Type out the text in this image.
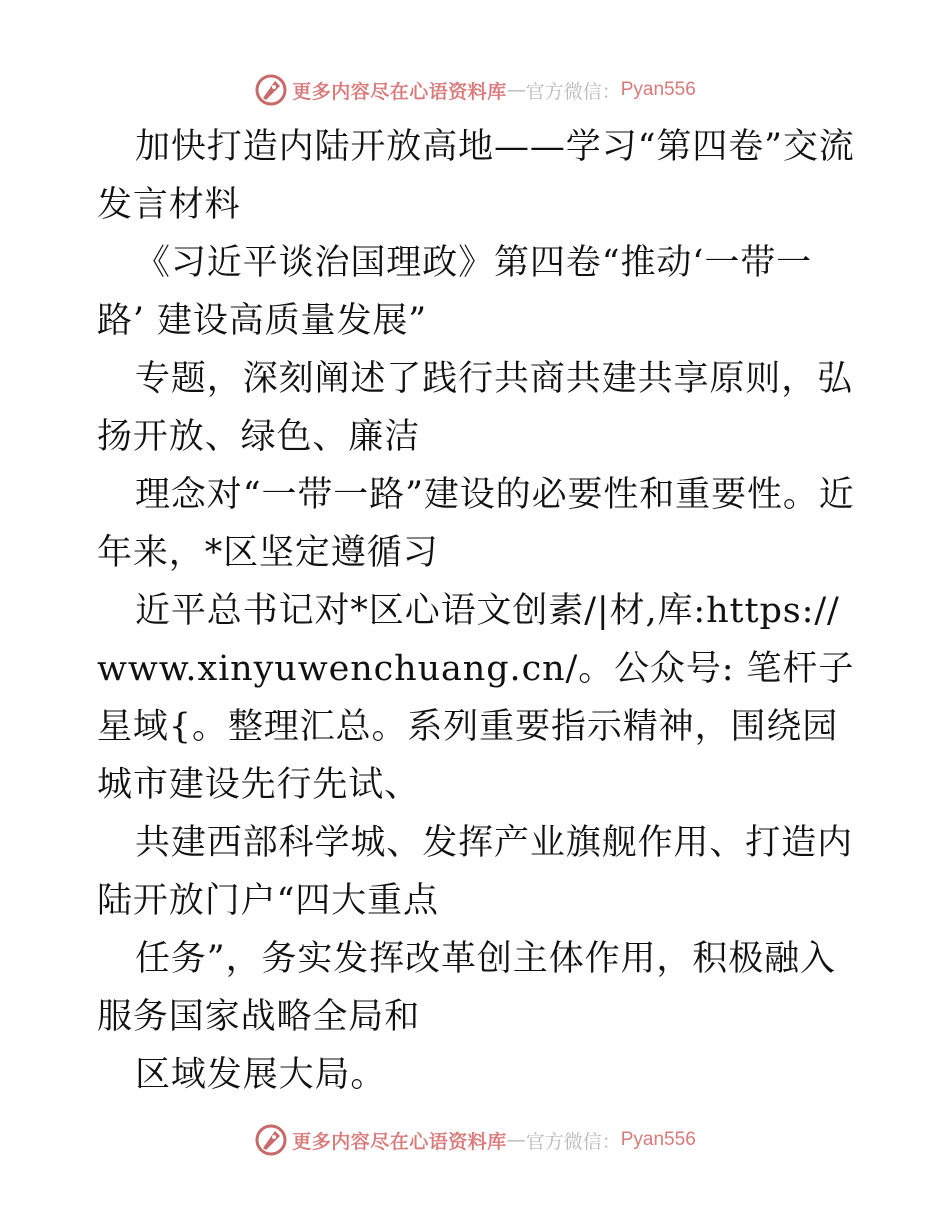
更多内容尽在心语资料库 — 官方微信： Pyan556

加快打造内陆开放高地——学习“第四卷”交流发言材料

《习近平谈治国理政》第四卷“推动‘一带一路’ 建设高质量发展”

专题，深刻阐述了践行共商共建共享原则，弘扬开放、绿色、廉洁

理念对“一带一路”建设的必要性和重要性。近年来，*区坚定遵循习

近平总书记对*区心语文创素/|材,库:https://www.xinyuwenchuang.cn/。公众号: 笔杆子星域{。整理汇总。系列重要指示精神，围绕园城市建设先行先试、

共建西部科学城、发挥产业旗舰作用、打造内陆开放门户“四大重点

任务”，务实发挥改革创主体作用，积极融入服务国家战略全局和

区域发展大局。

更多内容尽在心语资料库 — 官方微信： Pyan556
